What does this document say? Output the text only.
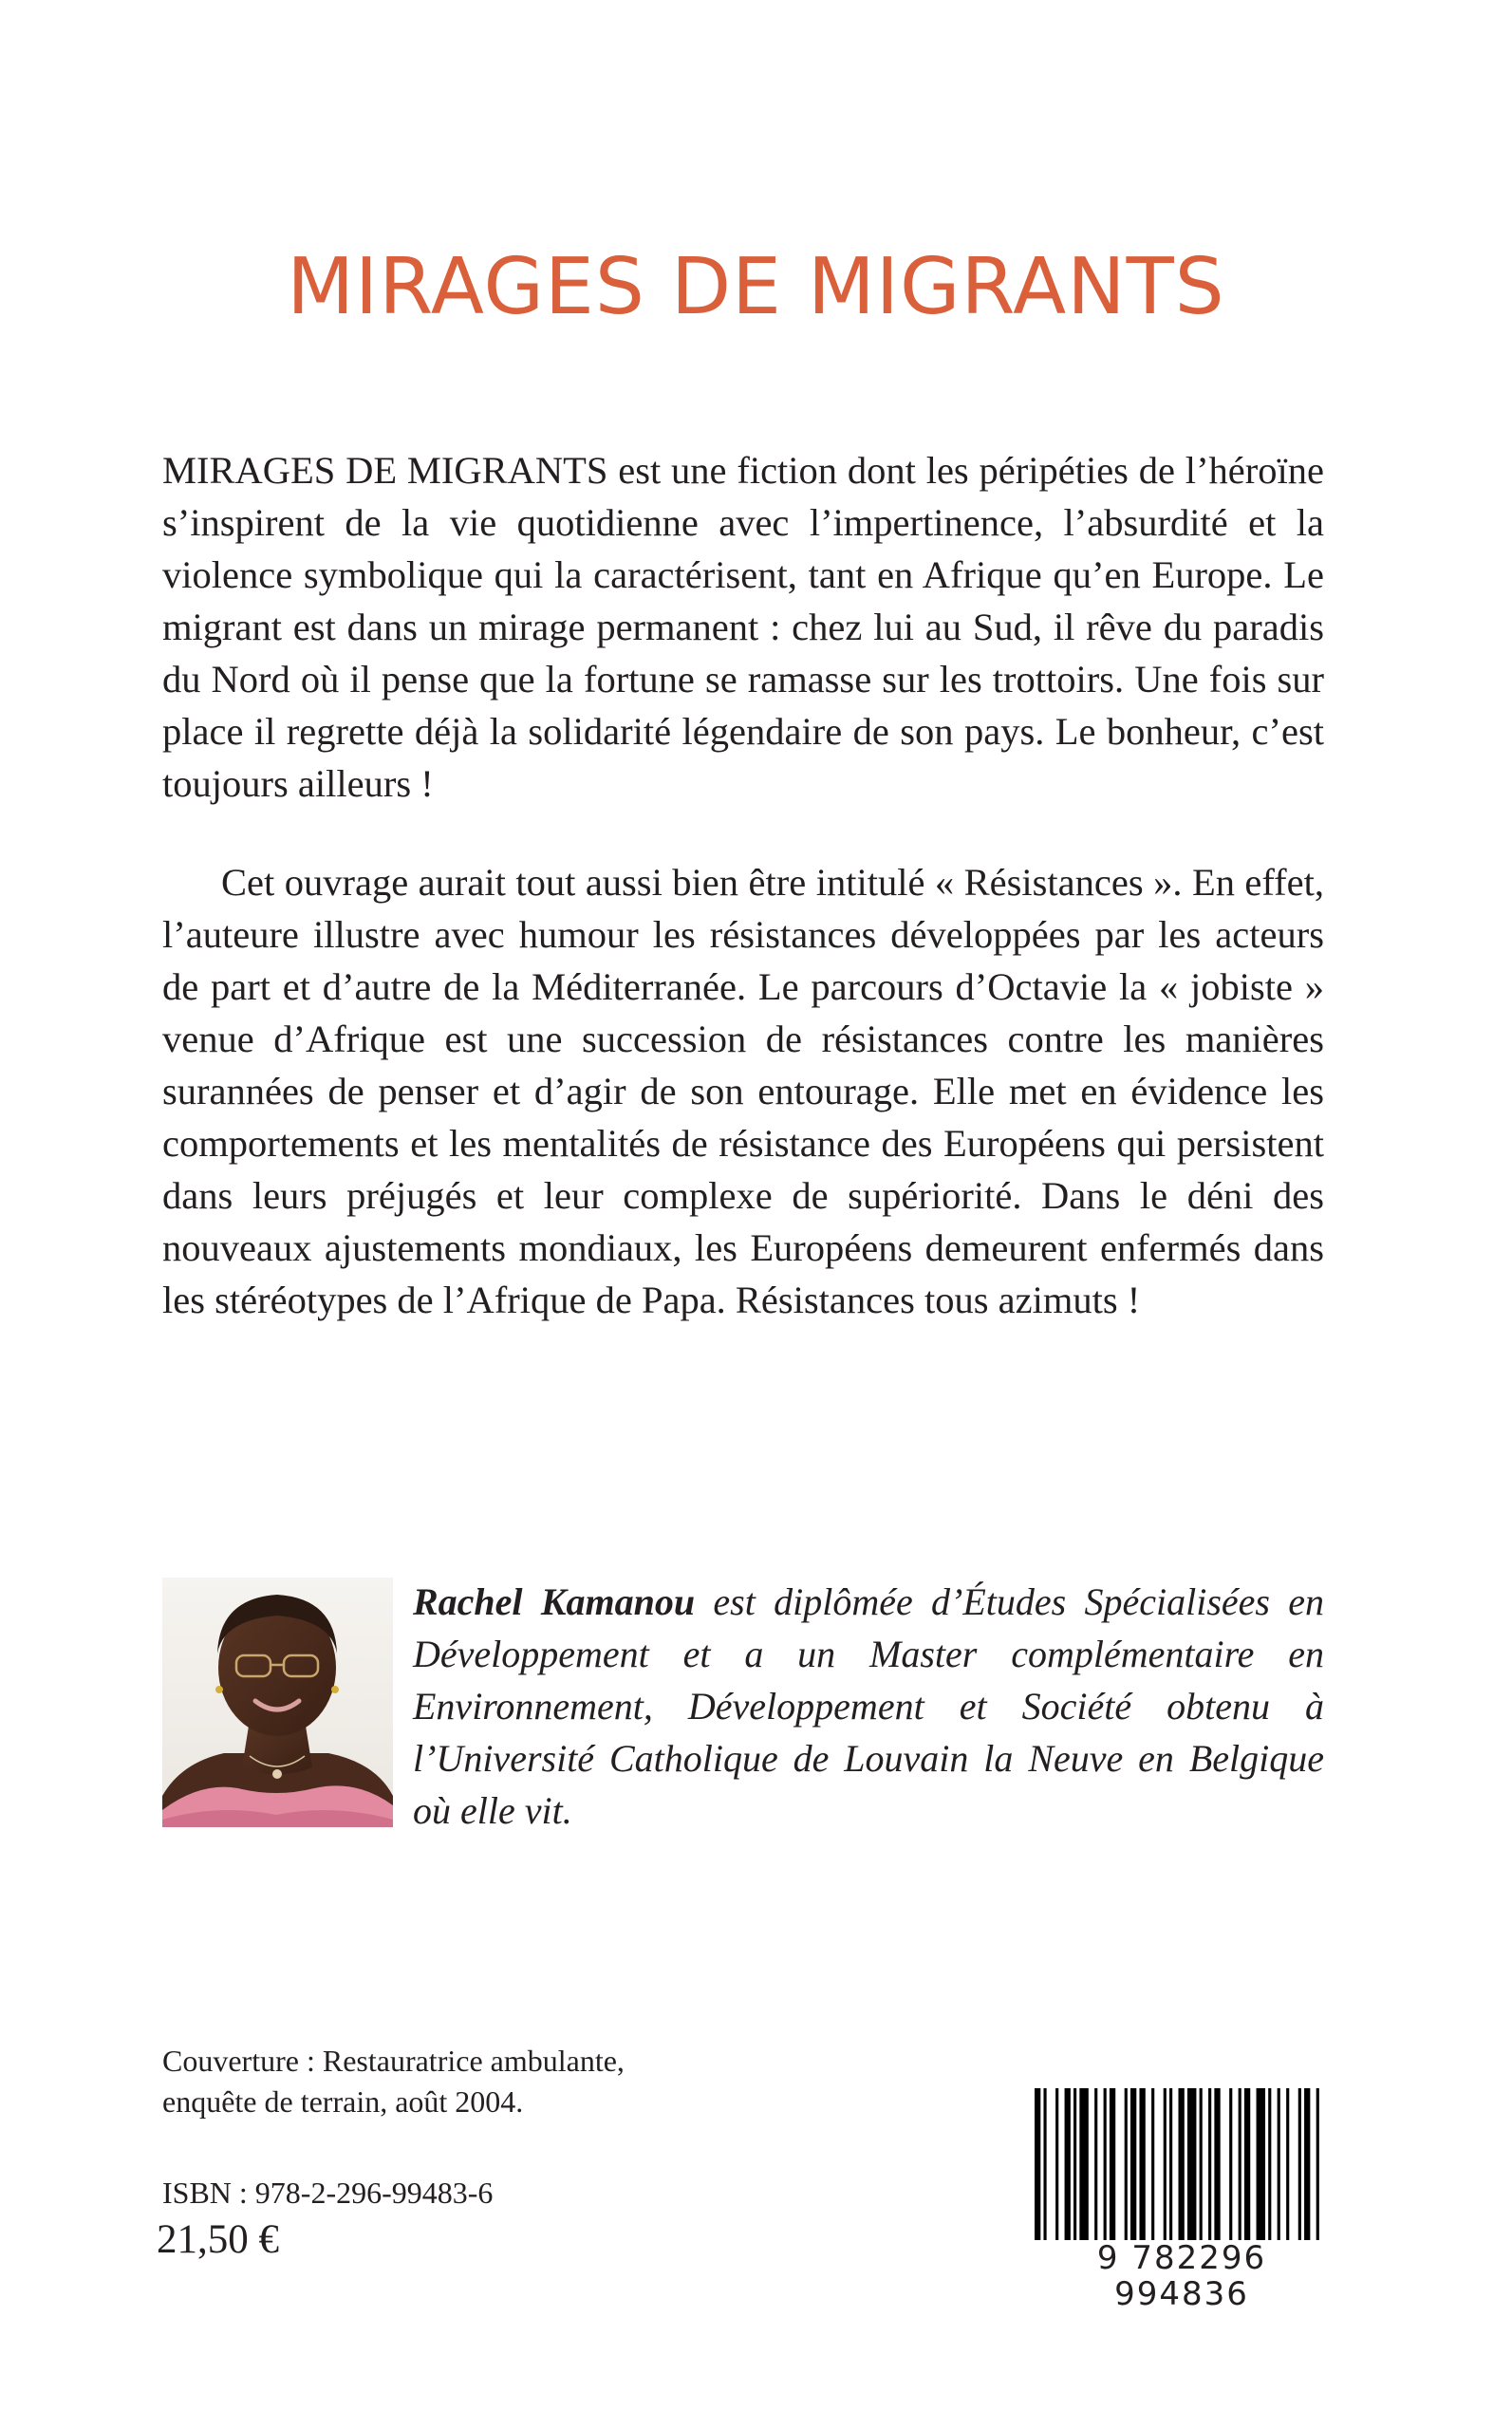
MIRAGES DE MIGRANTS

MIRAGES DE MIGRANTS est une fiction dont les péripéties de l’héroïne s’inspirent de la vie quotidienne avec l’impertinence, l’absurdité et la violence symbolique qui la caractérisent, tant en Afrique qu’en Europe. Le migrant est dans un mirage permanent : chez lui au Sud, il rêve du paradis du Nord où il pense que la fortune se ramasse sur les trottoirs. Une fois sur place il regrette déjà la solidarité légendaire de son pays. Le bonheur, c’est toujours ailleurs !

Cet ouvrage aurait tout aussi bien être intitulé « Résistances ». En effet, l’auteure illustre avec humour les résistances développées par les acteurs de part et d’autre de la Méditerranée. Le parcours d’Octavie la « jobiste » venue d’Afrique est une succession de résistances contre les manières surannées de penser et d’agir de son entourage. Elle met en évidence les comportements et les mentalités de résistance des Européens qui persistent dans leurs préjugés et leur complexe de supériorité. Dans le déni des nouveaux ajustements mondiaux, les Européens demeurent enfermés dans les stéréotypes de l’Afrique de Papa. Résistances tous azimuts !

Rachel Kamanou est diplômée d’Études Spécialisées en Développement et a un Master complémentaire en Environnement, Développement et Société obtenu à l’Université Catholique de Louvain la Neuve en Belgique où elle vit.

Couverture : Restauratrice ambulante,
enquête de terrain, août 2004.
ISBN : 978-2-296-99483-6
21,50 €	9 782296 994836
